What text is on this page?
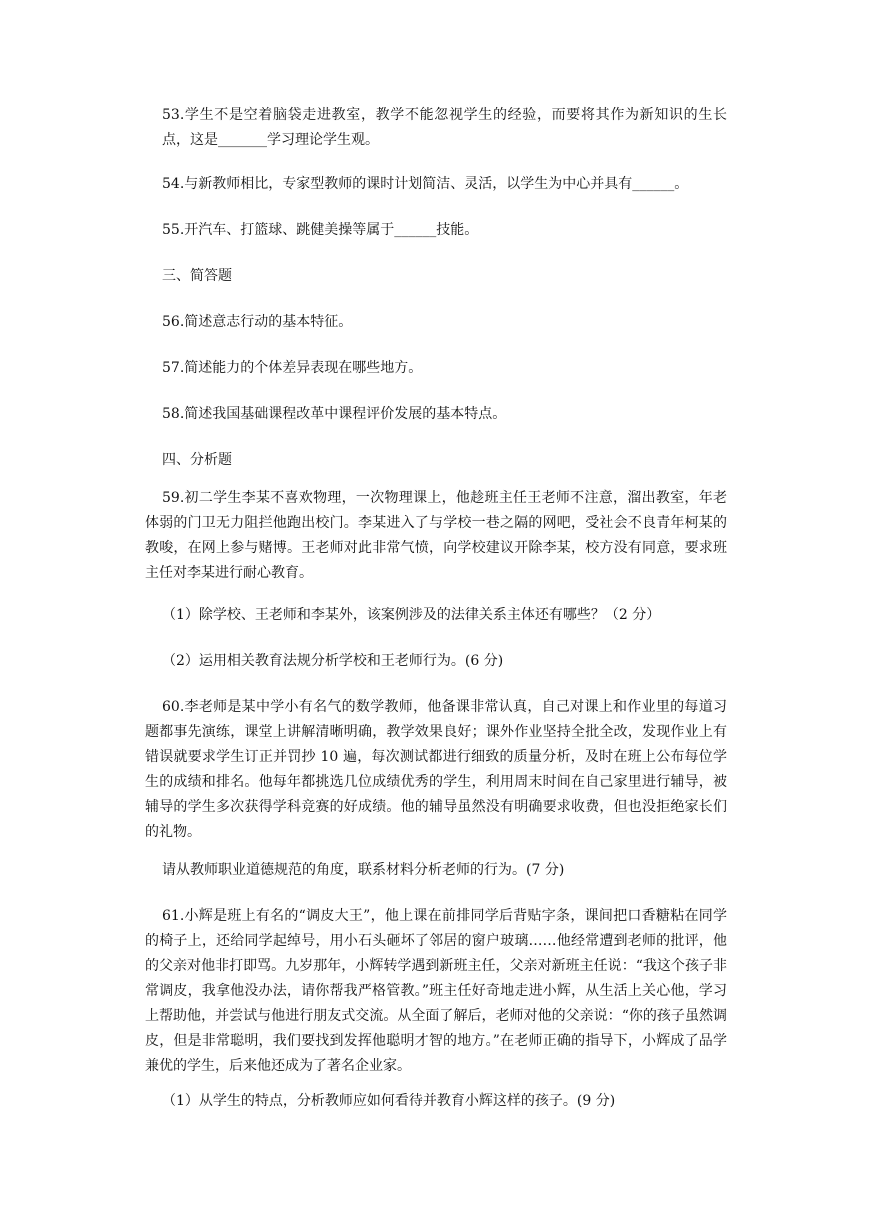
53.学生不是空着脑袋走进教室，教学不能忽视学生的经验，而要将其作为新知识的生长点，这是_______学习理论学生观。

54.与新教师相比，专家型教师的课时计划简洁、灵活，以学生为中心并具有______。

55.开汽车、打篮球、跳健美操等属于______技能。

三、简答题

56.简述意志行动的基本特征。

57.简述能力的个体差异表现在哪些地方。

58.简述我国基础课程改革中课程评价发展的基本特点。

四、分析题

59.初二学生李某不喜欢物理，一次物理课上，他趁班主任王老师不注意，溜出教室，年老体弱的门卫无力阻拦他跑出校门。李某进入了与学校一巷之隔的网吧，受社会不良青年柯某的教唆，在网上参与赌博。王老师对此非常气愤，向学校建议开除李某，校方没有同意，要求班主任对李某进行耐心教育。

（1）除学校、王老师和李某外，该案例涉及的法律关系主体还有哪些？（2 分）

（2）运用相关教育法规分析学校和王老师行为。(6 分)

60.李老师是某中学小有名气的数学教师，他备课非常认真，自己对课上和作业里的每道习题都事先演练，课堂上讲解清晰明确，教学效果良好；课外作业坚持全批全改，发现作业上有错误就要求学生订正并罚抄 10 遍，每次测试都进行细致的质量分析，及时在班上公布每位学生的成绩和排名。他每年都挑选几位成绩优秀的学生，利用周末时间在自己家里进行辅导，被辅导的学生多次获得学科竞赛的好成绩。他的辅导虽然没有明确要求收费，但也没拒绝家长们的礼物。

请从教师职业道德规范的角度，联系材料分析老师的行为。(7 分)

61.小辉是班上有名的“调皮大王”，他上课在前排同学后背贴字条，课间把口香糖粘在同学的椅子上，还给同学起绰号，用小石头砸坏了邻居的窗户玻璃……他经常遭到老师的批评，他的父亲对他非打即骂。九岁那年，小辉转学遇到新班主任，父亲对新班主任说：“我这个孩子非常调皮，我拿他没办法，请你帮我严格管教。”班主任好奇地走进小辉，从生活上关心他，学习上帮助他，并尝试与他进行朋友式交流。从全面了解后，老师对他的父亲说：“你的孩子虽然调皮，但是非常聪明，我们要找到发挥他聪明才智的地方。”在老师正确的指导下，小辉成了品学兼优的学生，后来他还成为了著名企业家。

（1）从学生的特点，分析教师应如何看待并教育小辉这样的孩子。(9 分)
